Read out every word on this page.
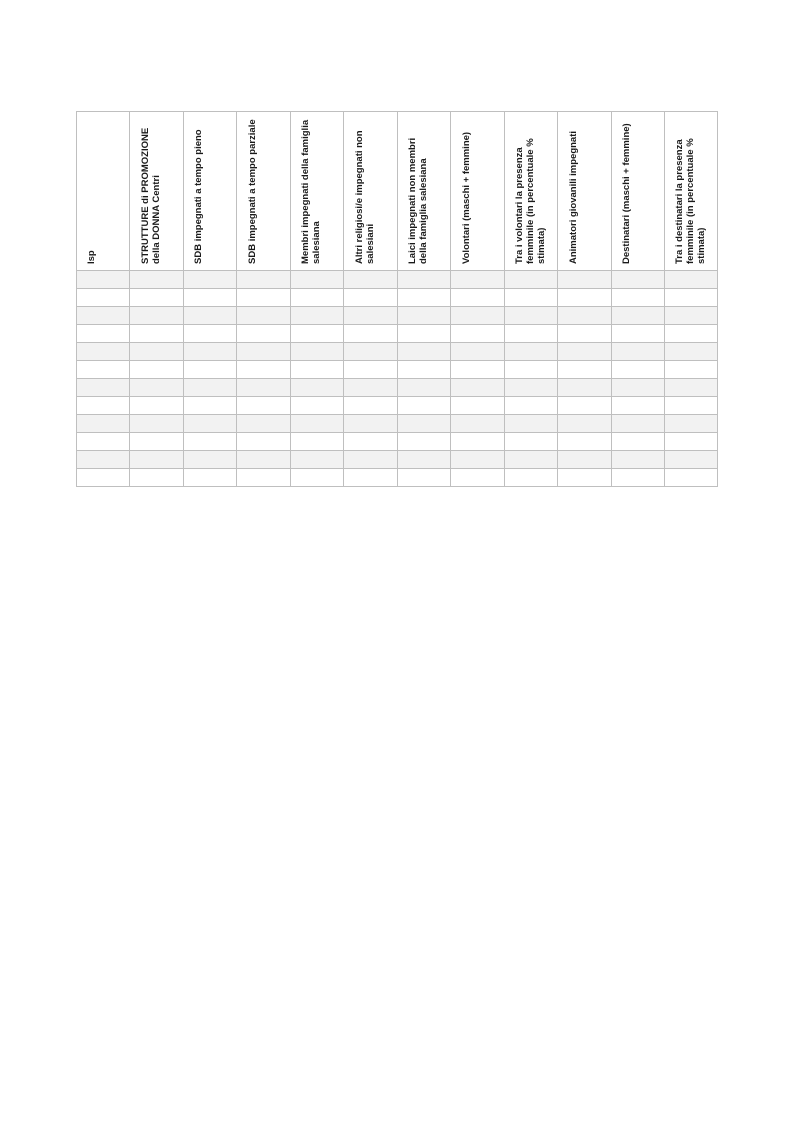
Isp	STRUTTURE di PROMOZIONE della DONNA Centri	SDB impegnati a tempo pieno	SDB impegnati a tempo parziale	Membri impegnati della famiglia salesiana	Altri religiosi/e impegnati non salesiani	Laici impegnati non membri della famiglia salesiana	Volontari (maschi + femmine)	Tra i volontari la presenza femminile (in percentuale % stimata)	Animatori giovanili impegnati	Destinatari (maschi + femmine)	Tra i destinatari la presenza femminile (in percentuale % stimata)
